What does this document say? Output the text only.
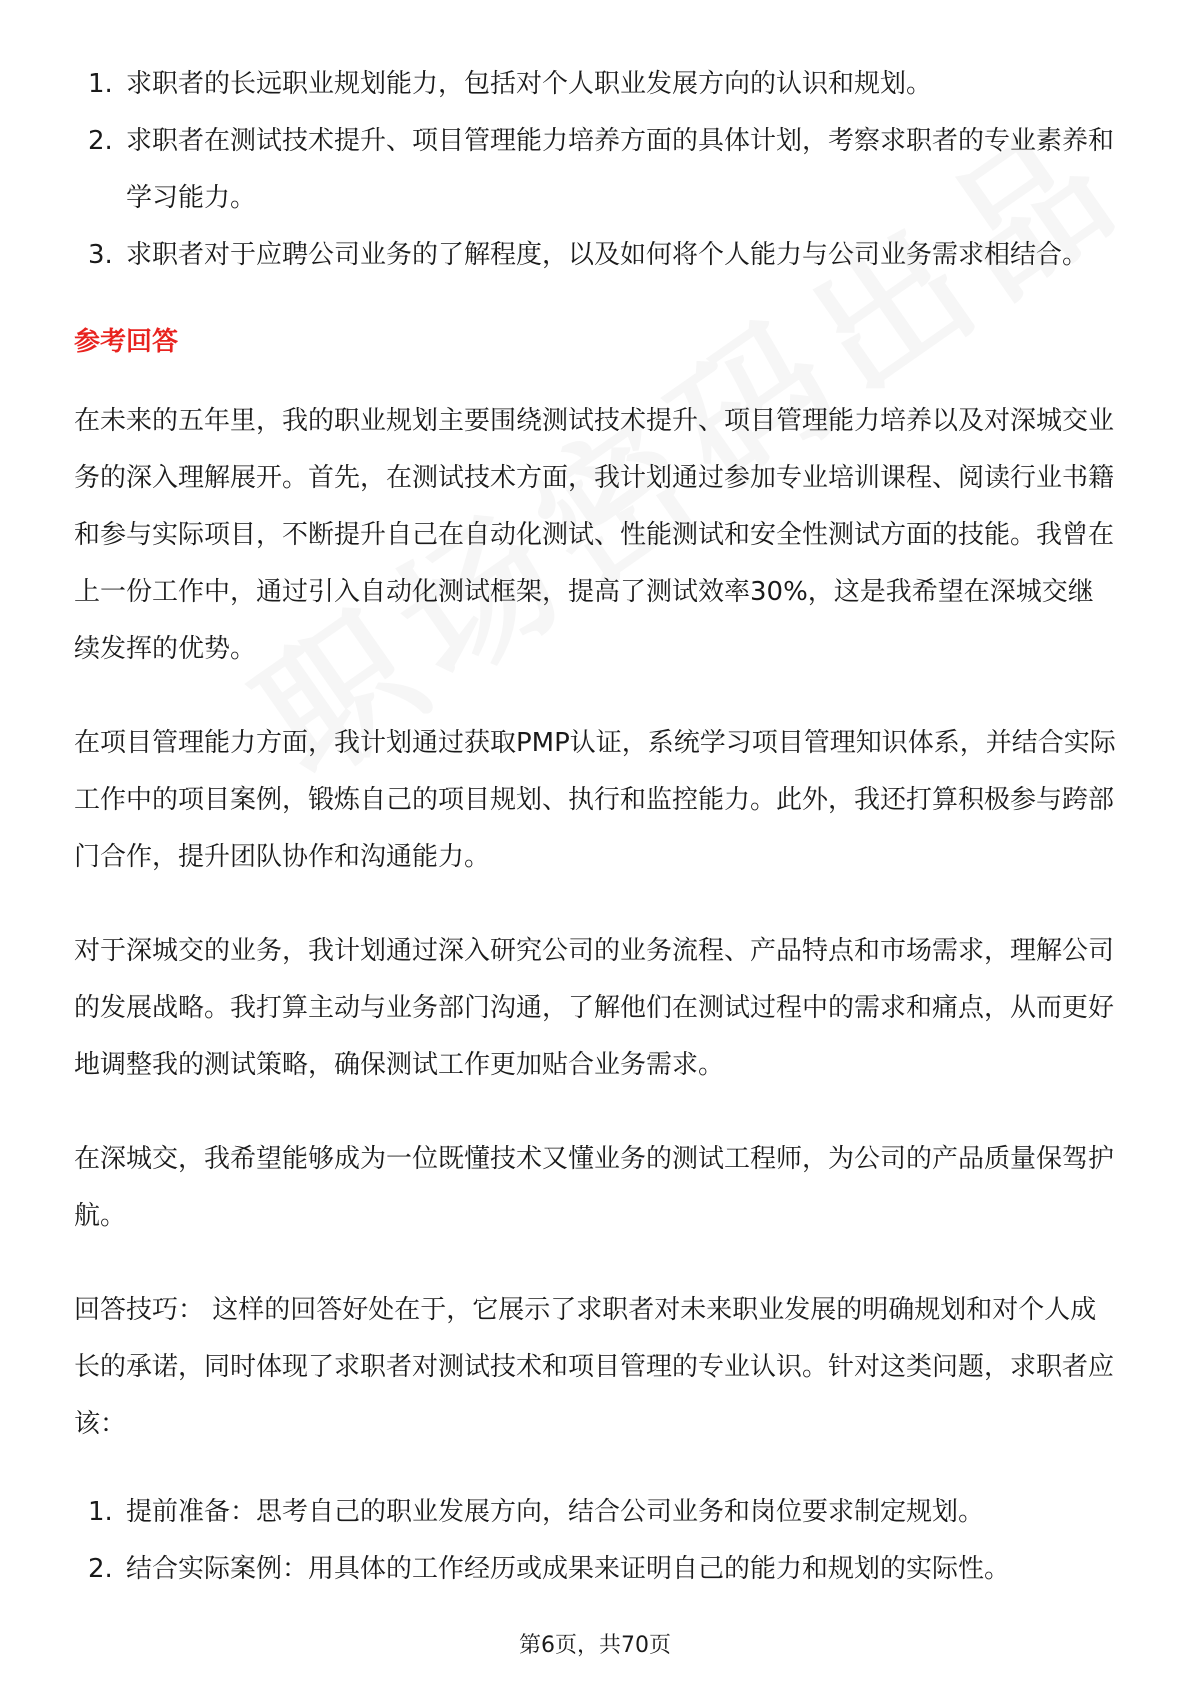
1. 求职者的长远职业规划能力，包括对个人职业发展方向的认识和规划。
2. 求职者在测试技术提升、项目管理能力培养方面的具体计划，考察求职者的专业素养和学习能力。
3. 求职者对于应聘公司业务的了解程度，以及如何将个人能力与公司业务需求相结合。
参考回答

在未来的五年里，我的职业规划主要围绕测试技术提升、项目管理能力培养以及对深城交业务的深入理解展开。首先，在测试技术方面，我计划通过参加专业培训课程、阅读行业书籍和参与实际项目，不断提升自己在自动化测试、性能测试和安全性测试方面的技能。我曾在上一份工作中，通过引入自动化测试框架，提高了测试效率30%，这是我希望在深城交继续发挥的优势。

在项目管理能力方面，我计划通过获取PMP认证，系统学习项目管理知识体系，并结合实际工作中的项目案例，锻炼自己的项目规划、执行和监控能力。此外，我还打算积极参与跨部门合作，提升团队协作和沟通能力。

对于深城交的业务，我计划通过深入研究公司的业务流程、产品特点和市场需求，理解公司的发展战略。我打算主动与业务部门沟通，了解他们在测试过程中的需求和痛点，从而更好地调整我的测试策略，确保测试工作更加贴合业务需求。

在深城交，我希望能够成为一位既懂技术又懂业务的测试工程师，为公司的产品质量保驾护航。

回答技巧： 这样的回答好处在于，它展示了求职者对未来职业发展的明确规划和对个人成长的承诺，同时体现了求职者对测试技术和项目管理的专业认识。针对这类问题，求职者应该：

1. 提前准备：思考自己的职业发展方向，结合公司业务和岗位要求制定规划。
2. 结合实际案例：用具体的工作经历或成果来证明自己的能力和规划的实际性。
第6页，共70页
